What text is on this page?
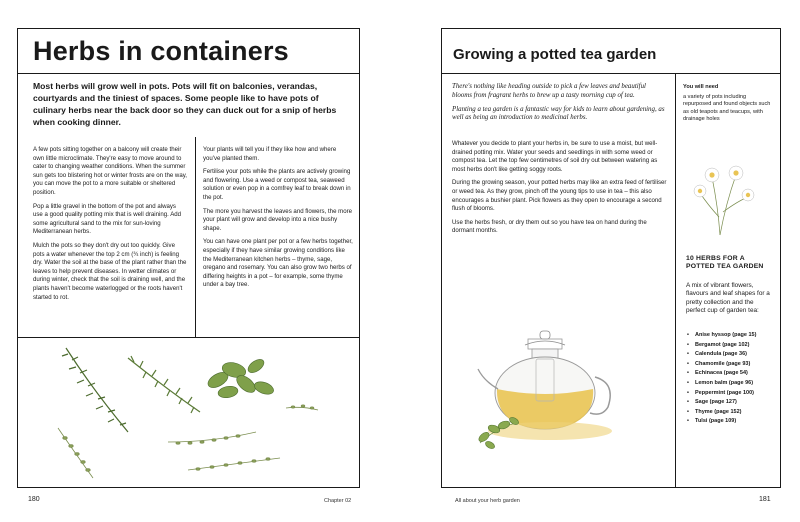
Herbs in containers
Most herbs will grow well in pots. Pots will fit on balconies, verandas, courtyards and the tiniest of spaces. Some people like to have pots of culinary herbs near the back door so they can duck out for a snip of herbs when cooking dinner.

A few pots sitting together on a balcony will create their own little microclimate. They're easy to move around to cater to changing weather conditions. When the summer sun gets too blistering hot or winter frosts are on the way, you can move the pot to a more suitable or sheltered position.

Pop a little gravel in the bottom of the pot and always use a good quality potting mix that is well draining. Add some agricultural sand to the mix for sun-loving Mediterranean herbs.

Mulch the pots so they don't dry out too quickly. Give pots a water whenever the top 2 cm (¾ inch) is feeling dry. Water the soil at the base of the plant rather than the leaves to help prevent diseases. In wetter climates or during winter, check that the soil is draining well, and the plants haven't become waterlogged or the roots haven't started to rot.

Your plants will tell you if they like how and where you've planted them.

Fertilise your pots while the plants are actively growing and flowering. Use a weed or compost tea, seaweed solution or even pop in a comfrey leaf to break down in the pot.

The more you harvest the leaves and flowers, the more your plant will grow and develop into a nice bushy shape.

You can have one plant per pot or a few herbs together, especially if they have similar growing conditions like the Mediterranean kitchen herbs – thyme, sage, oregano and rosemary. You can also grow two herbs of differing heights in a pot – for example, some thyme under a bay tree.

180	Chapter 02
Growing a potted tea garden

There's nothing like heading outside to pick a few leaves and beautiful blooms from fragrant herbs to brew up a tasty morning cup of tea.

Planting a tea garden is a fantastic way for kids to learn about gardening, as well as being an introduction to medicinal herbs.

Whatever you decide to plant your herbs in, be sure to use a moist, but well-drained potting mix. Water your seeds and seedlings in with some weed or compost tea. Let the top few centimetres of soil dry out between watering as most herbs don't like getting soggy roots.

During the growing season, your potted herbs may like an extra feed of fertiliser or weed tea. As they grow, pinch off the young tips to use in tea – this also encourages a bushier plant. Pick flowers as they open to encourage a second flush of blooms.

Use the herbs fresh, or dry them out so you have tea on hand during the dormant months.

You will need
a variety of pots including repurposed and found objects such as old teapots and teacups, with drainage holes
10 HERBS FOR A POTTED TEA GARDEN
A mix of vibrant flowers, flavours and leaf shapes for a pretty collection and the perfect cup of garden tea:
• Anise hyssop (page 15)
• Bergamot (page 102)
• Calendula (page 36)
• Chamomile (page 93)
• Echinacea (page 54)
• Lemon balm (page 96)
• Peppermint (page 100)
• Sage (page 127)
• Thyme (page 152)
• Tulsi (page 109)
All about your herb garden	181
